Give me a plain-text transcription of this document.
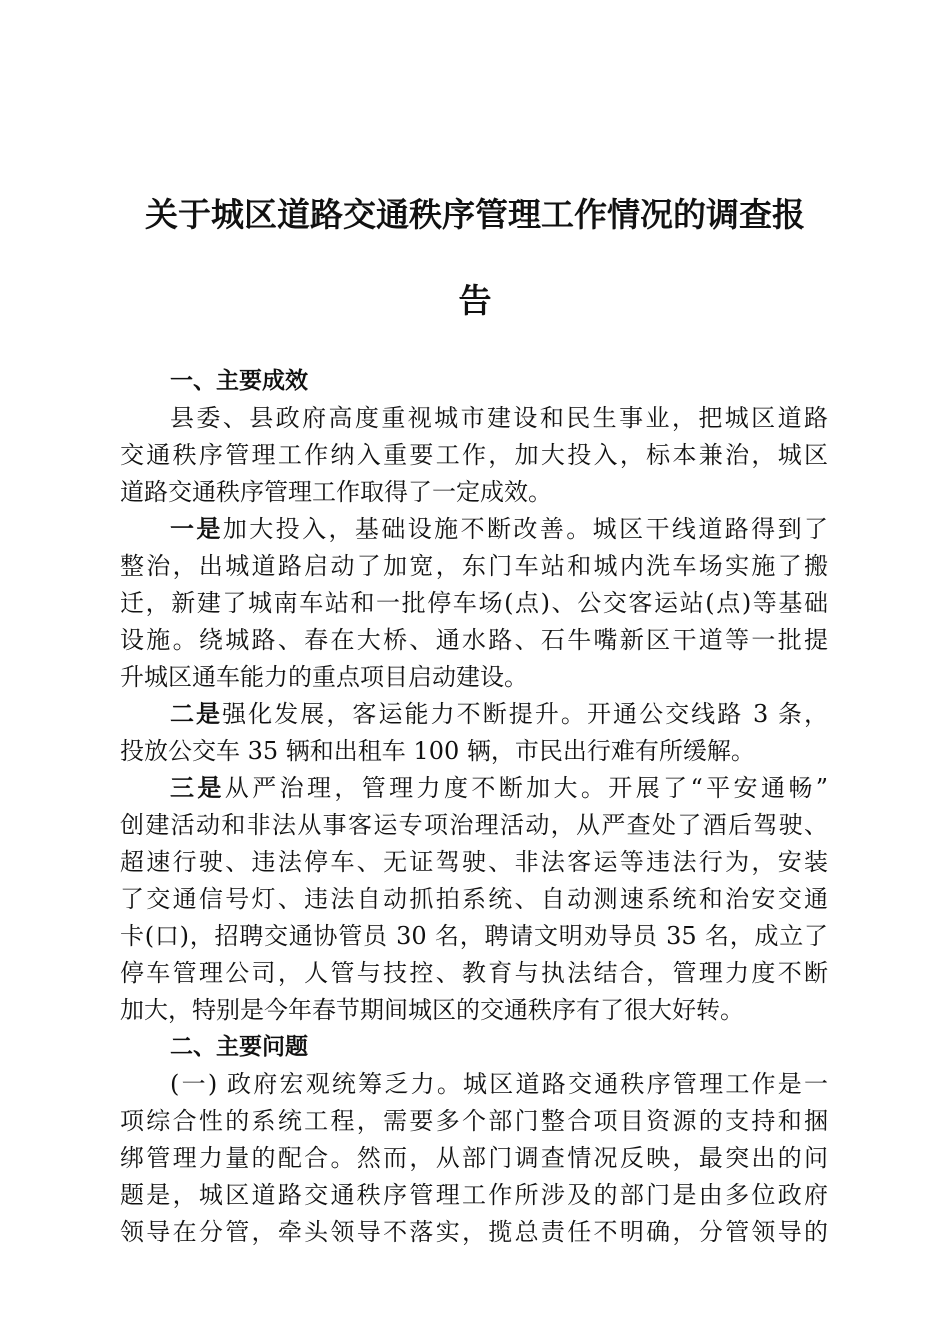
关于城区道路交通秩序管理工作情况的调查报
告
一、主要成效
县委、县政府高度重视城市建设和民生事业，把城区道路
交通秩序管理工作纳入重要工作，加大投入，标本兼治，城区
道路交通秩序管理工作取得了一定成效。
一是加大投入，基础设施不断改善。城区干线道路得到了
整治，出城道路启动了加宽，东门车站和城内洗车场实施了搬
迁，新建了城南车站和一批停车场(点)、公交客运站(点)等基础
设施。绕城路、春在大桥、通水路、石牛嘴新区干道等一批提
升城区通车能力的重点项目启动建设。
二是强化发展，客运能力不断提升。开通公交线路 3 条，
投放公交车 35 辆和出租车 100 辆，市民出行难有所缓解。
三是从严治理，管理力度不断加大。开展了“平安通畅”
创建活动和非法从事客运专项治理活动，从严查处了酒后驾驶、
超速行驶、违法停车、无证驾驶、非法客运等违法行为，安装
了交通信号灯、违法自动抓拍系统、自动测速系统和治安交通
卡(口)，招聘交通协管员 30 名，聘请文明劝导员 35 名，成立了
停车管理公司，人管与技控、教育与执法结合，管理力度不断
加大，特别是今年春节期间城区的交通秩序有了很大好转。
二、主要问题
(一) 政府宏观统筹乏力。城区道路交通秩序管理工作是一
项综合性的系统工程，需要多个部门整合项目资源的支持和捆
绑管理力量的配合。然而，从部门调查情况反映，最突出的问
题是，城区道路交通秩序管理工作所涉及的部门是由多位政府
领导在分管，牵头领导不落实，揽总责任不明确，分管领导的
